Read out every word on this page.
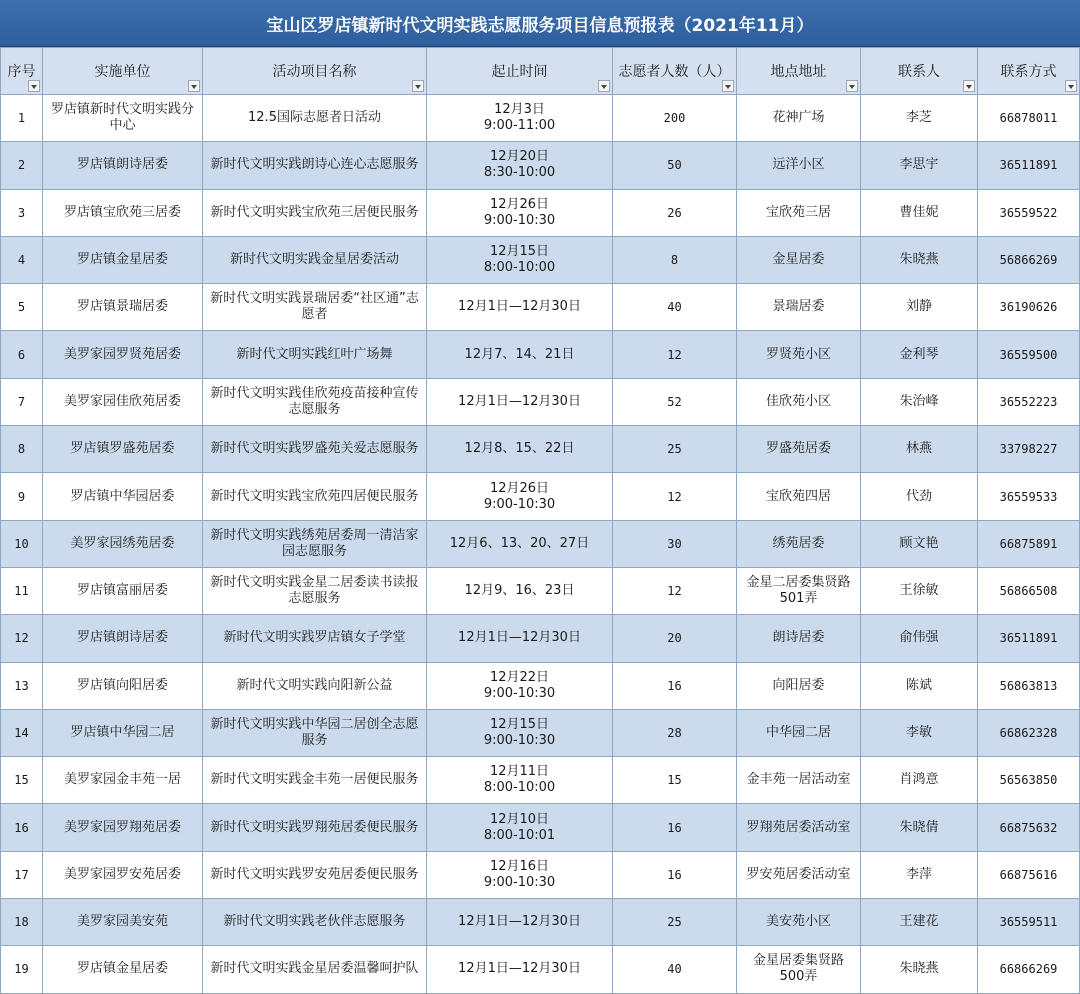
宝山区罗店镇新时代文明实践志愿服务项目信息预报表（2021年11月）
序号	实施单位	活动项目名称	起止时间	志愿者人数（人）	地点地址	联系人	联系方式

1	罗店镇新时代文明实践分中心	12.5国际志愿者日活动	12月3日
9:00-11:00	200	花神广场	李芝	66878011
2	罗店镇朗诗居委	新时代文明实践朗诗心连心志愿服务	12月20日
8:30-10:00	50	远洋小区	李思宇	36511891
3	罗店镇宝欣苑三居委	新时代文明实践宝欣苑三居便民服务	12月26日
9:00-10:30	26	宝欣苑三居	曹佳妮	36559522
4	罗店镇金星居委	新时代文明实践金星居委活动	12月15日
8:00-10:00	8	金星居委	朱晓燕	56866269
5	罗店镇景瑞居委	新时代文明实践景瑞居委“社区通”志愿者	12月1日—12月30日	40	景瑞居委	刘静	36190626
6	美罗家园罗贤苑居委	新时代文明实践红叶广场舞	12月7、14、21日	12	罗贤苑小区	金利琴	36559500
7	美罗家园佳欣苑居委	新时代文明实践佳欣苑疫苗接种宣传志愿服务	12月1日—12月30日	52	佳欣苑小区	朱治峰	36552223
8	罗店镇罗盛苑居委	新时代文明实践罗盛苑关爱志愿服务	12月8、15、22日	25	罗盛苑居委	林燕	33798227
9	罗店镇中华园居委	新时代文明实践宝欣苑四居便民服务	12月26日
9:00-10:30	12	宝欣苑四居	代劲	36559533
10	美罗家园绣苑居委	新时代文明实践绣苑居委周一清洁家园志愿服务	12月6、13、20、27日	30	绣苑居委	顾文艳	66875891
11	罗店镇富丽居委	新时代文明实践金星二居委读书读报志愿服务	12月9、16、23日	12	金星二居委集贤路501弄	王徐敏	56866508
12	罗店镇朗诗居委	新时代文明实践罗店镇女子学堂	12月1日—12月30日	20	朗诗居委	俞伟强	36511891
13	罗店镇向阳居委	新时代文明实践向阳新公益	12月22日
9:00-10:30	16	向阳居委	陈斌	56863813
14	罗店镇中华园二居	新时代文明实践中华园二居创全志愿服务	12月15日
9:00-10:30	28	中华园二居	李敏	66862328
15	美罗家园金丰苑一居	新时代文明实践金丰苑一居便民服务	12月11日
8:00-10:00	15	金丰苑一居活动室	肖鸿意	56563850
16	美罗家园罗翔苑居委	新时代文明实践罗翔苑居委便民服务	12月10日
8:00-10:01	16	罗翔苑居委活动室	朱晓倩	66875632
17	美罗家园罗安苑居委	新时代文明实践罗安苑居委便民服务	12月16日
9:00-10:30	16	罗安苑居委活动室	李萍	66875616
18	美罗家园美安苑	新时代文明实践老伙伴志愿服务	12月1日—12月30日	25	美安苑小区	王建花	36559511
19	罗店镇金星居委	新时代文明实践金星居委温馨呵护队	12月1日—12月30日	40	金星居委集贤路500弄	朱晓燕	66866269
